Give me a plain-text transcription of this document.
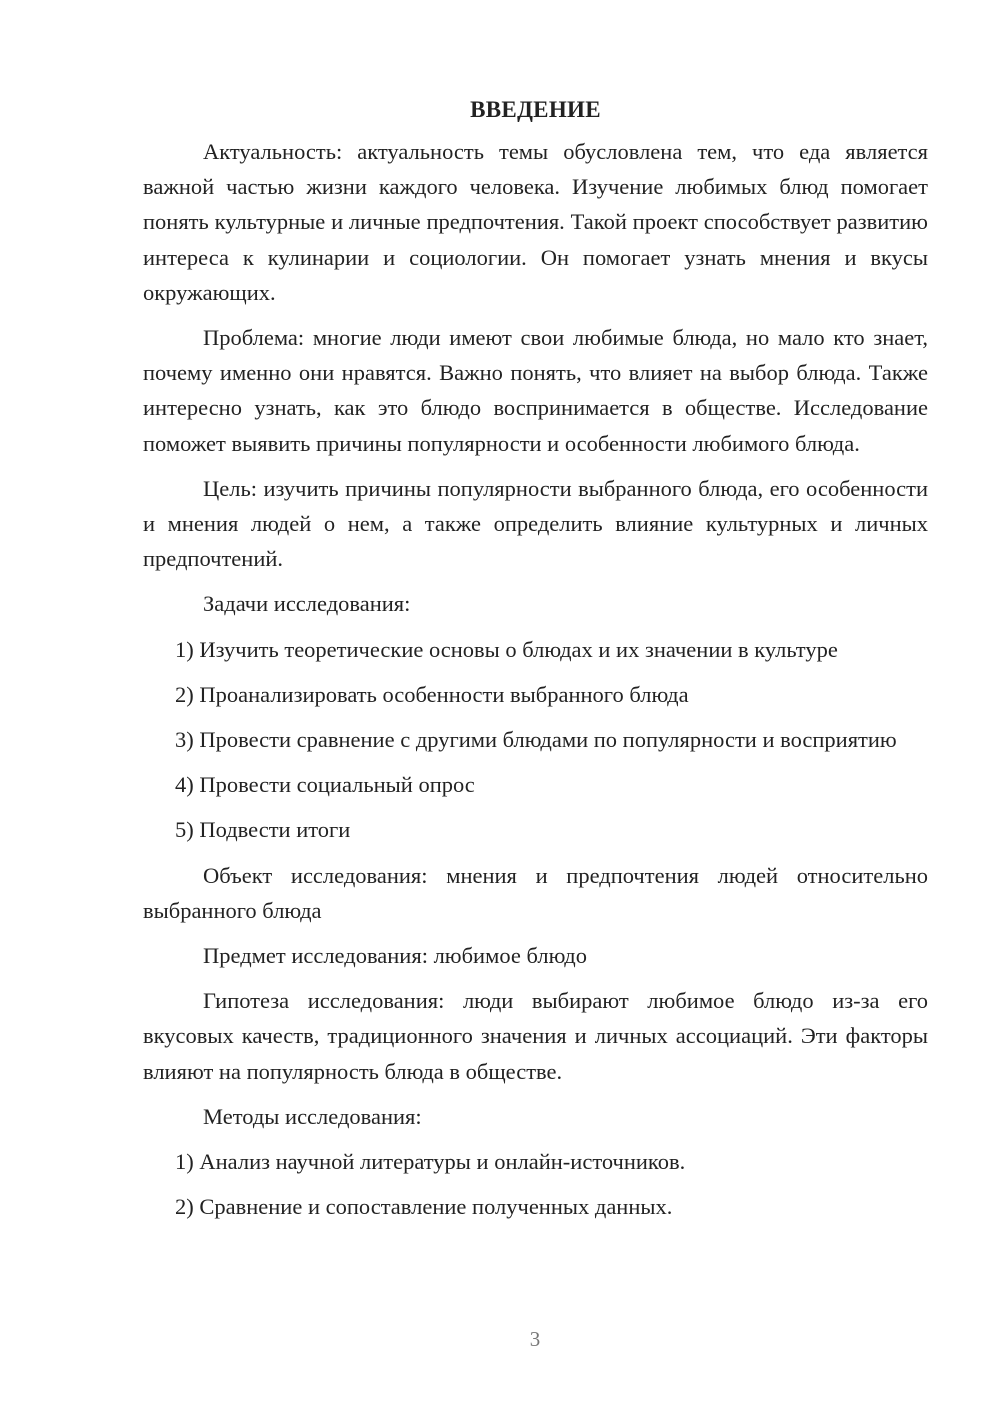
ВВЕДЕНИЕ

Актуальность: актуальность темы обусловлена тем, что еда является важной частью жизни каждого человека. Изучение любимых блюд помогает понять культурные и личные предпочтения. Такой проект способствует развитию интереса к кулинарии и социологии. Он помогает узнать мнения и вкусы окружающих.

Проблема: многие люди имеют свои любимые блюда, но мало кто знает, почему именно они нравятся. Важно понять, что влияет на выбор блюда. Также интересно узнать, как это блюдо воспринимается в обществе. Исследование поможет выявить причины популярности и особенности любимого блюда.

Цель: изучить причины популярности выбранного блюда, его особенности и мнения людей о нем, а также определить влияние культурных и личных предпочтений.

Задачи исследования:

1) Изучить теоретические основы о блюдах и их значении в культуре

2) Проанализировать особенности выбранного блюда

3) Провести сравнение с другими блюдами по популярности и восприятию

4) Провести социальный опрос

5) Подвести итоги

Объект исследования: мнения и предпочтения людей относительно выбранного блюда

Предмет исследования: любимое блюдо

Гипотеза исследования: люди выбирают любимое блюдо из-за его вкусовых качеств, традиционного значения и личных ассоциаций. Эти факторы влияют на популярность блюда в обществе.

Методы исследования:

1) Анализ научной литературы и онлайн-источников.

2) Сравнение и сопоставление полученных данных.

3
